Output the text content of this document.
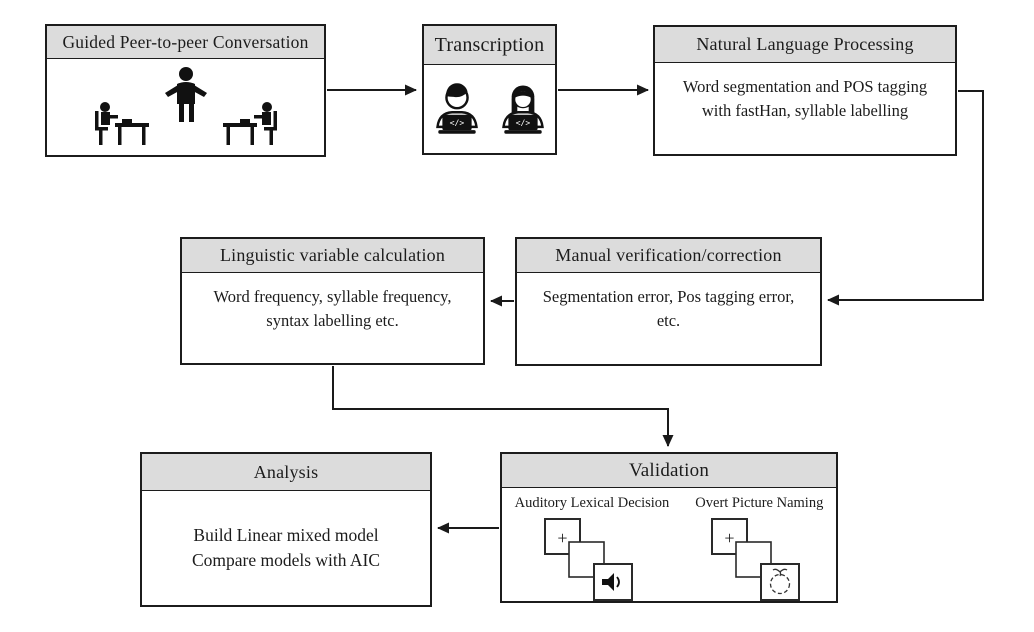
Guided Peer-to-peer Conversation	Transcription
</>	</>
Natural Language Processing
Word segmentation and POS tagging with fastHan, syllable labelling
Linguistic variable calculation
Word frequency, syllable frequency, syntax labelling etc.
Manual verification/correction
Segmentation error, Pos tagging error, etc.
Analysis
Build Linear mixed model
Compare models with AIC
Validation
Auditory Lexical Decision
+
Overt Picture Naming
+
